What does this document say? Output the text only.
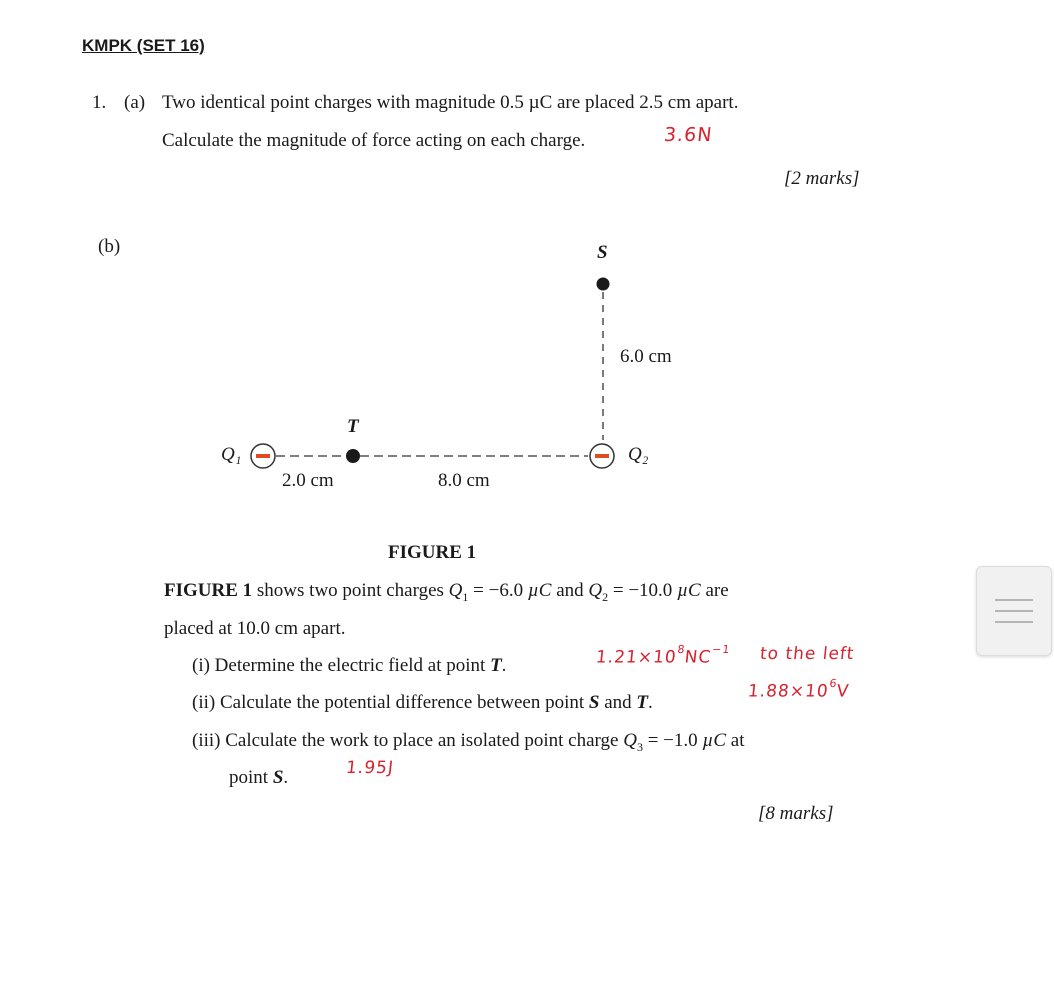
KMPK (SET 16)
1. (a) Two identical point charges with magnitude 0.5 µC are placed 2.5 cm apart.
Calculate the magnitude of force acting on each charge.	3.6N
[2 marks]
(b)	S
T
Q₁	Q₂
6.0 cm
2.0 cm	8.0 cm
FIGURE 1
FIGURE 1 shows two point charges $Q_1 = -6.0$ µC and $Q_2 = -10.0$ µC are
placed at 10.0 cm apart.
(i) Determine the electric field at point T.	$1.21\times 10^8NC^{-1}$ to the left
(ii) Calculate the potential difference between point S and T.
$1.88\times 10^6V$
(iii) Calculate the work to place an isolated point charge $Q_3 = -1.0$ µC at
point S.	1.95J
[8 marks]
